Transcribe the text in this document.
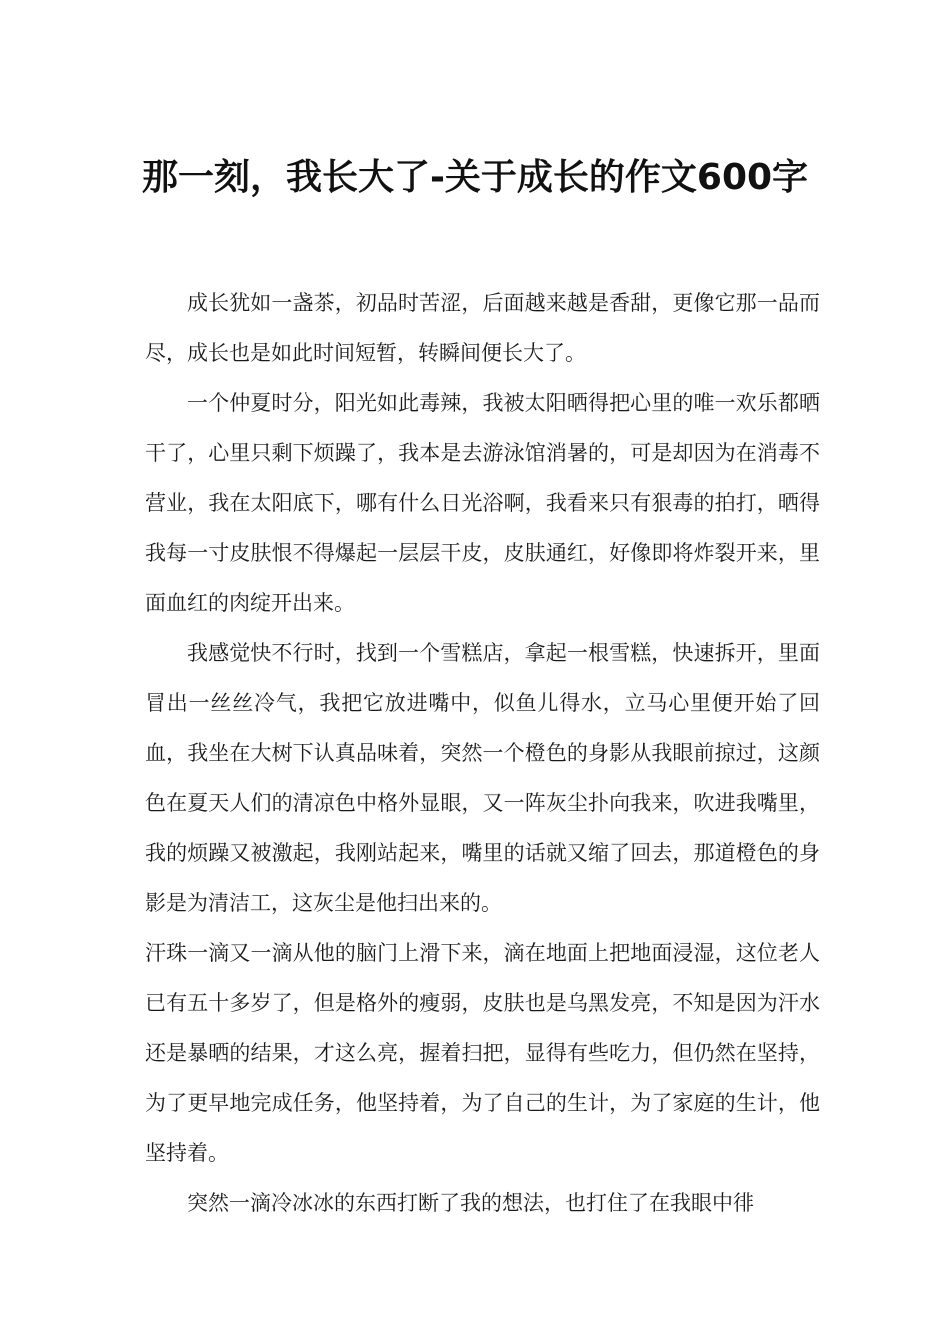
那一刻，我长大了-关于成长的作文600字

成长犹如一盏茶，初品时苦涩，后面越来越是香甜，更像它那一品而尽，成长也是如此时间短暂，转瞬间便长大了。

一个仲夏时分，阳光如此毒辣，我被太阳晒得把心里的唯一欢乐都晒干了，心里只剩下烦躁了，我本是去游泳馆消暑的，可是却因为在消毒不营业，我在太阳底下，哪有什么日光浴啊，我看来只有狠毒的拍打，晒得我每一寸皮肤恨不得爆起一层层干皮，皮肤通红，好像即将炸裂开来，里面血红的肉绽开出来。

我感觉快不行时，找到一个雪糕店，拿起一根雪糕，快速拆开，里面冒出一丝丝冷气，我把它放进嘴中，似鱼儿得水，立马心里便开始了回血，我坐在大树下认真品味着，突然一个橙色的身影从我眼前掠过，这颜色在夏天人们的清凉色中格外显眼，又一阵灰尘扑向我来，吹进我嘴里，我的烦躁又被激起，我刚站起来，嘴里的话就又缩了回去，那道橙色的身影是为清洁工，这灰尘是他扫出来的。

汗珠一滴又一滴从他的脑门上滑下来，滴在地面上把地面浸湿，这位老人已有五十多岁了，但是格外的瘦弱，皮肤也是乌黑发亮，不知是因为汗水还是暴晒的结果，才这么亮，握着扫把，显得有些吃力，但仍然在坚持，为了更早地完成任务，他坚持着，为了自己的生计，为了家庭的生计，他坚持着。

突然一滴冷冰冰的东西打断了我的想法，也打住了在我眼中徘
